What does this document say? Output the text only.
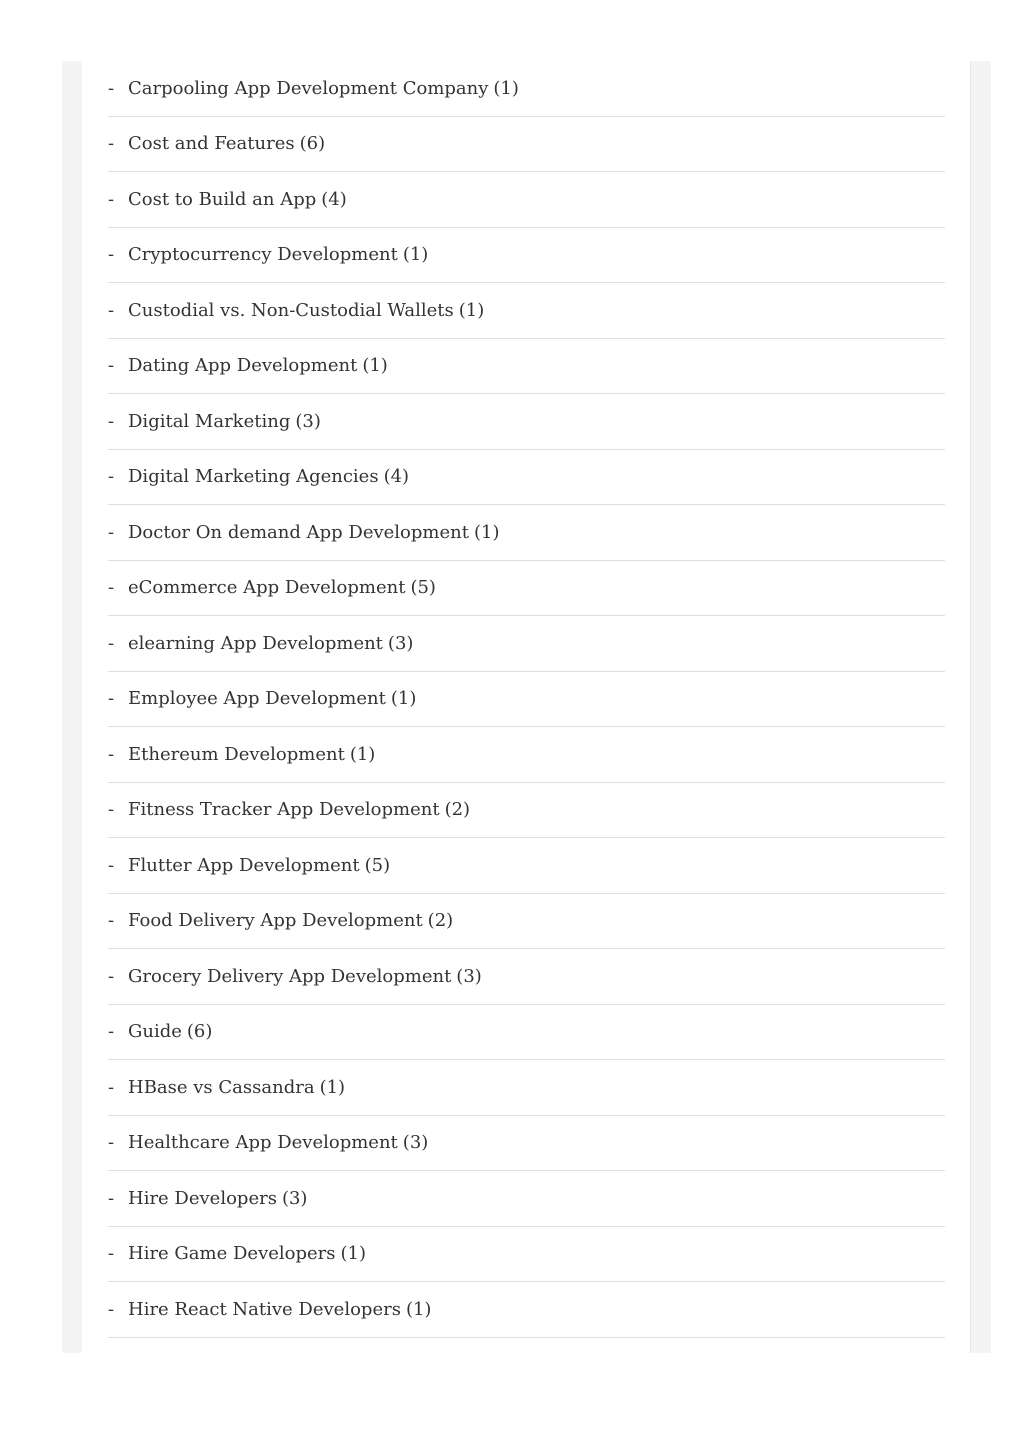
- Carpooling App Development Company (1)
- Cost and Features (6)
- Cost to Build an App (4)
- Cryptocurrency Development (1)
- Custodial vs. Non-Custodial Wallets (1)
- Dating App Development (1)
- Digital Marketing (3)
- Digital Marketing Agencies (4)
- Doctor On demand App Development (1)
- eCommerce App Development (5)
- elearning App Development (3)
- Employee App Development (1)
- Ethereum Development (1)
- Fitness Tracker App Development (2)
- Flutter App Development (5)
- Food Delivery App Development (2)
- Grocery Delivery App Development (3)
- Guide (6)
- HBase vs Cassandra (1)
- Healthcare App Development (3)
- Hire Developers (3)
- Hire Game Developers (1)
- Hire React Native Developers (1)
